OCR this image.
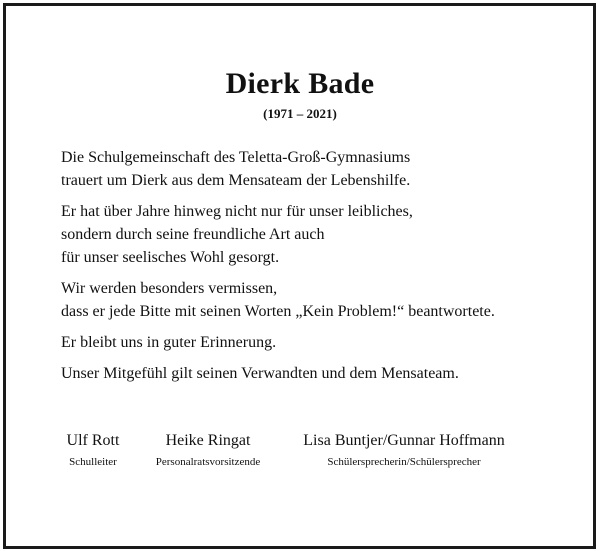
Dierk Bade
(1971 – 2021)

Die Schulgemeinschaft des Teletta-Groß-Gymnasiums
trauert um Dierk aus dem Mensateam der Lebenshilfe.

Er hat über Jahre hinweg nicht nur für unser leibliches,
sondern durch seine freundliche Art auch
für unser seelisches Wohl gesorgt.

Wir werden besonders vermissen,
dass er jede Bitte mit seinen Worten „Kein Problem!“ beantwortete.

Er bleibt uns in guter Erinnerung.

Unser Mitgefühl gilt seinen Verwandten und dem Mensateam.

Ulf Rott
Schulleiter
Heike Ringat
Personalratsvorsitzende
Lisa Buntjer/Gunnar Hoffmann
Schülersprecherin/Schülersprecher
